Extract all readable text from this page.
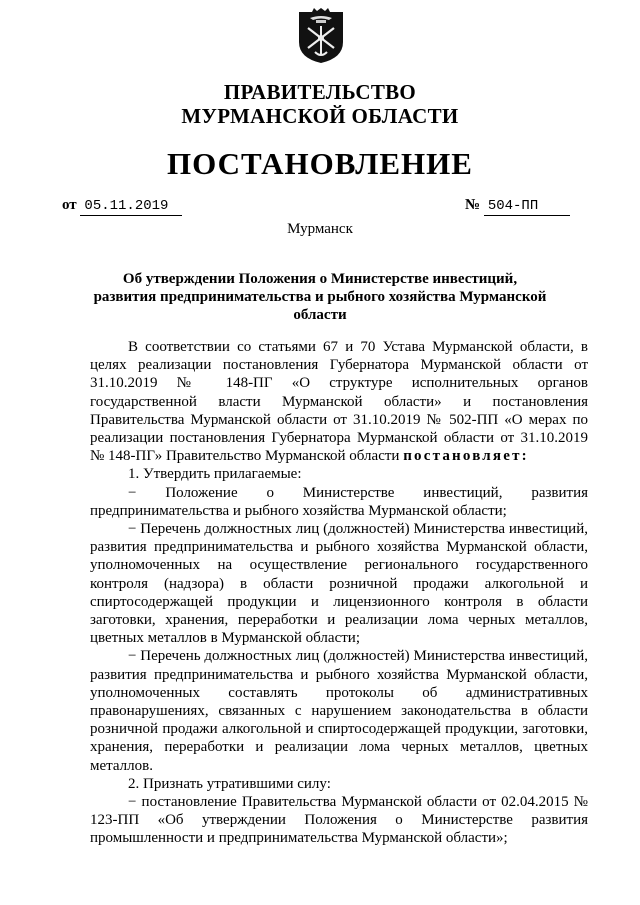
ПРАВИТЕЛЬСТВО
МУРМАНСКОЙ ОБЛАСТИ
ПОСТАНОВЛЕНИЕ
от 05.11.2019	№ 504-ПП
Мурманск
Об утверждении Положения о Министерстве инвестиций, развития предпринимательства и рыбного хозяйства Мурманской области

В соответствии со статьями 67 и 70 Устава Мурманской области, в целях реализации постановления Губернатора Мурманской области от 31.10.2019 № 148-ПГ «О структуре исполнительных органов государственной власти Мурманской области» и постановления Правительства Мурманской области от 31.10.2019 № 502-ПП «О мерах по реализации постановления Губернатора Мурманской области от 31.10.2019 № 148-ПГ» Правительство Мурманской области постановляет:

1. Утвердить прилагаемые:

− Положение о Министерстве инвестиций, развития предпринимательства и рыбного хозяйства Мурманской области;

− Перечень должностных лиц (должностей) Министерства инвестиций, развития предпринимательства и рыбного хозяйства Мурманской области, уполномоченных на осуществление регионального государственного контроля (надзора) в области розничной продажи алкогольной и спиртосодержащей продукции и лицензионного контроля в области заготовки, хранения, переработки и реализации лома черных металлов, цветных металлов в Мурманской области;

− Перечень должностных лиц (должностей) Министерства инвестиций, развития предпринимательства и рыбного хозяйства Мурманской области, уполномоченных составлять протоколы об административных правонарушениях, связанных с нарушением законодательства в области розничной продажи алкогольной и спиртосодержащей продукции, заготовки, хранения, переработки и реализации лома черных металлов, цветных металлов.

2. Признать утратившими силу:

− постановление Правительства Мурманской области от 02.04.2015 № 123-ПП «Об утверждении Положения о Министерстве развития промышленности и предпринимательства Мурманской области»;
